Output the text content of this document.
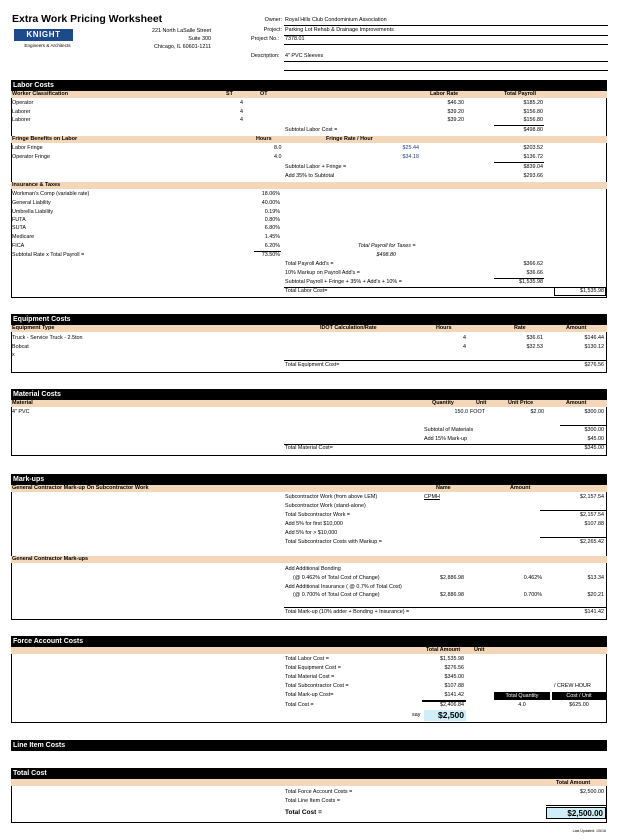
Extra Work Pricing Worksheet
KNIGHT
Engineers & Architects
221 North LaSalle Street
Suite 300
Chicago, IL 60601-1211
Owner: Royal Hills Club Condominium Association
Project: Parking Lot Rehab & Drainage Improvements
Project No.: 7378.01
Description: 4" PVC Sleeves
Labor Costs
Worker Classification	ST	OT	Labor Rate	Total Payroll
Operator	4	$46.30	$185.20
Laborer	4	$39.20	$156.80
Laborer	4	$39.20	$156.80
Subtotal Labor Cost =	$498.80
Fringe Benefits on Labor	Hours	Fringe Rate / Hour
Labor Fringe	8.0	$25.44	$203.52
Operator Fringe	4.0	$34.18	$136.72
Subtotal Labor + Fringe =	$839.04
Add 35% to Subtotal	$293.66
Insurance & Taxes
Workman's Comp (variable rate)	18.06%
General Liability	40.00%
Umbrella Liability	0.19%
FUTA	0.80%
SUTA	6.80%
Medicare	1.45%
FICA	6.20%	Total Payroll for Taxes =
Subtotal Rate x Total Payroll =	73.50%	$498.80
Total Payroll Add's =	$366.62
10% Markup on Payroll Add's =	$36.66
Subtotal Payroll + Fringe + 35% + Add's + 10% =	$1,535.98
Total Labor Cost=	$1,535.98
Equipment Costs
Equipment Type	IDOT Calculation/Rate	Hours	Rate	Amount
Truck - Service Truck - 2.5ton	4	$36.61	$146.44
Bobcat	4	$32.53	$130.12
x
Total Equipment Cost=	$276.56
Material Costs
Material	Quantity	Unit	Unit Price	Amount
4" PVC	150.0 FOOT	$2.00	$300.00
Subtotal of Materials	$300.00
Add 15% Mark-up	$45.00
Total Material Cost=	$345.00
Mark-ups
General Contractor Mark-up On Subcontractor Work	Name	Amount
Subcontractor Work (from above LEM)	CPMH	$2,157.54
Subcontractor Work (stand-alone)
Total Subcontractor Work =	$2,157.54
Add 5% for first $10,000	$107.88
Add 5% for > $10,000
Total Subcontractor Costs with Markup =	$2,265.42
General Contractor Mark-ups
Add Additional Bonding
(@ 0.462% of Total Cost of Change)	$2,886.98	0.462%	$13.34
Add Additional Insurance ( @ 0.7% of Total Cost)
(@ 0.700% of Total Cost of Change)	$2,886.98	0.700%	$20.21
Total Mark-up (10% adder + Bonding + Insurance) =	$141.42
Force Account Costs
Total Amount	Unit
Total Labor Cost =	$1,535.98
Total Equipment Cost =	$276.56
Total Material Cost =	$345.00
Total Subcontractor Cost =	$107.88
Total Mark-up Cost=	$141.42
Total Cost =	$2,406.84
say	$2,500
/ CREW HOUR
Total Quantity	Cost / Unit
4.0	$625.00
Line Item Costs
Total Cost
Total Amount
Total Force Account Costs =	$2,500.00
Total Line Item Costs =
Total Cost =	$2,500.00
Last Updated: 1/5/16
